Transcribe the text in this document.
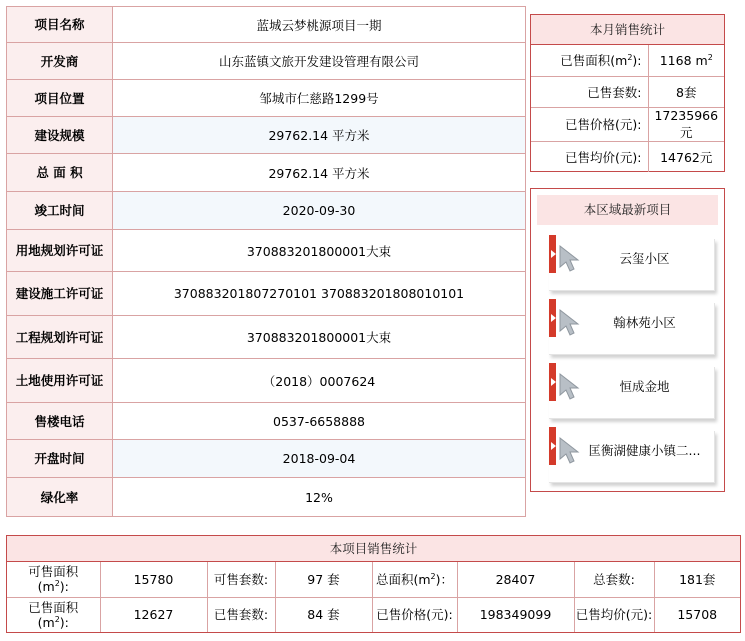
项目名称	蓝城云梦桃源项目一期
开发商	山东蓝镇文旅开发建设管理有限公司
项目位置	邹城市仁慈路1299号
建设规模	29762.14 平方米
总 面 积	29762.14 平方米
竣工时间	2020-09-30
用地规划许可证	370883201800001大束
建设施工许可证	370883201807270101 370883201808010101
工程规划许可证	370883201800001大束
土地使用许可证	（2018）0007624
售楼电话	0537-6658888
开盘时间	2018-09-04
绿化率	12%
本月销售统计
已售面积$(m^2)$:	1168 $m^2$
已售套数:	8套
已售价格(元):	17235966元
已售均价(元):	14762元
本区域最新项目
云玺小区
翰林苑小区
恒成金地
匡衡湖健康小镇二...
本项目销售统计
可售面积
$(m^2)$:	15780	可售套数:	97 套	总面积$(m^2)$：	28407	总套数:	181套
已售面积
$(m^2)$:	12627	已售套数:	84 套	已售价格(元):	198349099	已售均价(元):	15708
